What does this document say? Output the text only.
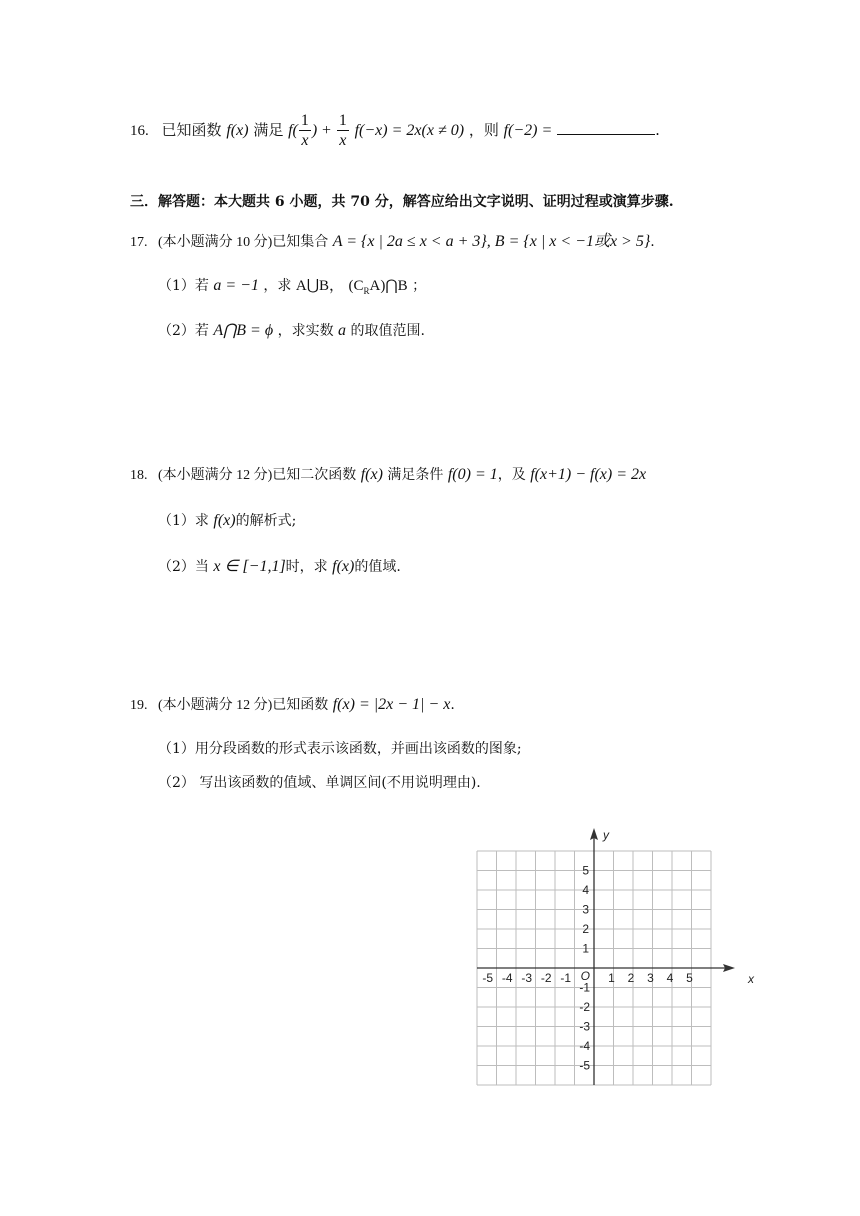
16. 已知函数 f(x) 满足 $f( \frac{1}{x}$ ) + $\frac{1}{x} f(-x) = 2x(x \ne 0)$ ，则 f(−2) =	.
三．解答题：本大题共 6 小题，共 70 分，解答应给出文字说明、证明过程或演算步骤.
17. (本小题满分 10 分)已知集合 A = {x | 2a ≤ x < a + 3}, B = {x | x < −1或x > 5}.
（1）若 a = −1 ，求 A⋃B， $(C_RA)⋂B$ ；
（2）若 A⋂B = ϕ ，求实数 a 的取值范围.
18. (本小题满分 12 分)已知二次函数 f(x) 满足条件 f(0) = 1，及 f(x+1) − f(x) = 2x
（1）求 f(x)的解析式;
（2）当 x ∈ [−1,1]时，求 f(x)的值域.
19. (本小题满分 12 分)已知函数 f(x) = |2x − 1| − x.
（1）用分段函数的形式表示该函数，并画出该函数的图象;
（2） 写出该函数的值域、单调区间(不用说明理由).
x
y
O
-5 -4 -3 -2 -1	1 2 3 4 5
5
4
3
2
1
-1
-2
-3
-4
-5
